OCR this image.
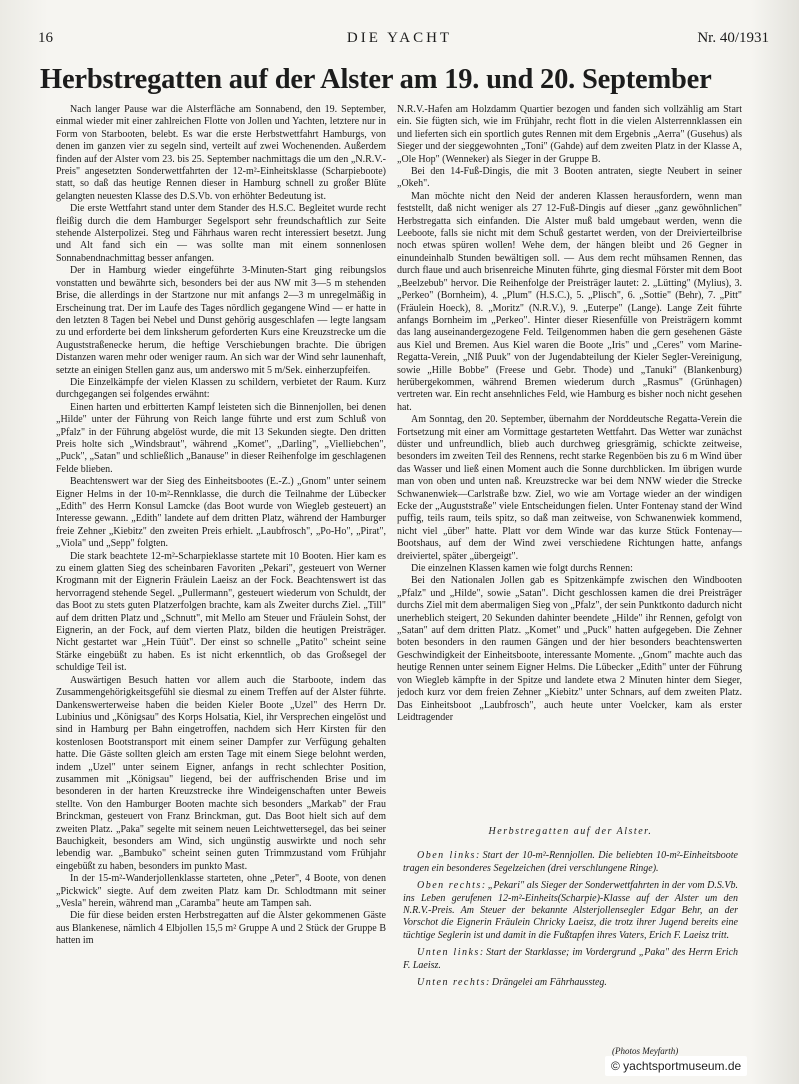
DIE YACHT
16	Nr. 40/1931
Herbstregatten auf der Alster am 19. und 20. September

Nach langer Pause war die Alsterfläche am Sonnabend, den 19. September, einmal wieder mit einer zahlreichen Flotte von Jollen und Yachten, letztere nur in Form von Starbooten, belebt. Es war die erste Herbstwettfahrt Hamburgs, von denen im ganzen vier zu segeln sind, verteilt auf zwei Wochenenden. Außerdem finden auf der Alster vom 23. bis 25. September nachmittags die um den „N.R.V.-Preis" angesetzten Sonderwettfahrten der 12-m²-Einheitsklasse (Scharpieboote) statt, so daß das heutige Rennen dieser in Hamburg schnell zu großer Blüte gelangten neuesten Klasse des D.S.Vb. von erhöhter Bedeutung ist.

Die erste Wettfahrt stand unter dem Stander des H.S.C. Begleitet wurde recht fleißig durch die dem Hamburger Segelsport sehr freundschaftlich zur Seite stehende Alsterpolizei. Steg und Fährhaus waren recht interessiert besetzt. Jung und Alt fand sich ein — was sollte man mit einem sonnenlosen Sonnabendnachmittag besser anfangen.

Der in Hamburg wieder eingeführte 3-Minuten-Start ging reibungslos vonstatten und bewährte sich, besonders bei der aus NW mit 3—5 m stehenden Brise, die allerdings in der Startzone nur mit anfangs 2—3 m unregelmäßig in Erscheinung trat. Der im Laufe des Tages nördlich gegangene Wind — er hatte in den letzten 8 Tagen bei Nebel und Dunst gehörig ausgeschlafen — legte langsam zu und erforderte bei dem linksherum geforderten Kurs eine Kreuzstrecke um die Auguststraßenecke herum, die heftige Verschiebungen brachte. Die übrigen Distanzen waren mehr oder weniger raum. An sich war der Wind sehr launenhaft, setzte an einigen Stellen ganz aus, um anderswo mit 5 m/Sek. einherzupfeifen.

Die Einzelkämpfe der vielen Klassen zu schildern, verbietet der Raum. Kurz durchgegangen sei folgendes erwähnt:

Einen harten und erbitterten Kampf leisteten sich die Binnenjollen, bei denen „Hilde" unter der Führung von Reich lange führte und erst zum Schluß von „Pfalz" in der Führung abgelöst wurde, die mit 13 Sekunden siegte. Den dritten Preis holte sich „Windsbraut", während „Komet", „Darling", „Vielliebchen", „Puck", „Satan" und schließlich „Banause" in dieser Reihenfolge im geschlagenen Felde blieben.

Beachtenswert war der Sieg des Einheitsbootes (E.-Z.) „Gnom" unter seinem Eigner Helms in der 10-m²-Rennklasse, die durch die Teilnahme der Lübecker „Edith" des Herrn Konsul Lamcke (das Boot wurde von Wiegleb gesteuert) an Interesse gewann. „Edith" landete auf dem dritten Platz, während der Hamburger freie Zehner „Kiebitz" den zweiten Preis erhielt. „Laubfrosch", „Po-Ho", „Pirat", „Viola" und „Sepp" folgten.

Die stark beachtete 12-m²-Scharpieklasse startete mit 10 Booten. Hier kam es zu einem glatten Sieg des scheinbaren Favoriten „Pekari", gesteuert von Werner Krogmann mit der Eignerin Fräulein Laeisz an der Fock. Beachtenswert ist das hervorragend stehende Segel. „Pullermann", gesteuert wiederum von Schuldt, der das Boot zu stets guten Platzerfolgen brachte, kam als Zweiter durchs Ziel. „Till" auf dem dritten Platz und „Schnutt", mit Mello am Steuer und Fräulein Sohst, der Eignerin, an der Fock, auf dem vierten Platz, bilden die heutigen Preisträger. Nicht gestartet war „Hein Tüüt". Der einst so schnelle „Patito" scheint seine Stärke eingebüßt zu haben. Es ist nicht erkenntlich, ob das Großsegel der schuldige Teil ist.

Auswärtigen Besuch hatten vor allem auch die Starboote, indem das Zusammengehörigkeitsgefühl sie diesmal zu einem Treffen auf der Alster führte. Dankenswerterweise haben die beiden Kieler Boote „Uzel" des Herrn Dr. Lubinius und „Königsau" des Korps Holsatia, Kiel, ihr Versprechen eingelöst und sind in Hamburg per Bahn eingetroffen, nachdem sich Herr Kirsten für den kostenlosen Bootstransport mit einem seiner Dampfer zur Verfügung gehalten hatte. Die Gäste sollten gleich am ersten Tage mit einem Siege belohnt werden, indem „Uzel" unter seinem Eigner, anfangs in recht schlechter Position, zusammen mit „Königsau" liegend, bei der auffrischenden Brise und im besonderen in der harten Kreuzstrecke ihre Windeigenschaften unter Beweis stellte. Von den Hamburger Booten machte sich besonders „Markab" der Frau Brinckman, gesteuert von Franz Brinckman, gut. Das Boot hielt sich auf dem zweiten Platz. „Paka" segelte mit seinem neuen Leichtwettersegel, das bei seiner Bauchigkeit, besonders am Wind, sich ungünstig auswirkte und noch sehr lebendig war. „Bambuko" scheint seinen guten Trimmzustand vom Frühjahr eingebüßt zu haben, besonders im punkto Mast.

In der 15-m²-Wanderjollenklasse starteten, ohne „Peter", 4 Boote, von denen „Pickwick" siegte. Auf dem zweiten Platz kam Dr. Schlodtmann mit seiner „Vesla" herein, während man „Caramba" heute am Tampen sah.

Die für diese beiden ersten Herbstregatten auf die Alster gekommenen Gäste aus Blankenese, nämlich 4 Elbjollen 15,5 m² Gruppe A und 2 Stück der Gruppe B hatten im

N.R.V.-Hafen am Holzdamm Quartier bezogen und fanden sich vollzählig am Start ein. Sie fügten sich, wie im Frühjahr, recht flott in die vielen Alsterrennklassen ein und lieferten sich ein sportlich gutes Rennen mit dem Ergebnis „Aerra" (Gusehus) als Sieger und der sieggewohnten „Toni" (Gahde) auf dem zweiten Platz in der Klasse A, „Ole Hop" (Wenneker) als Sieger in der Gruppe B.

Bei den 14-Fuß-Dingis, die mit 3 Booten antraten, siegte Neubert in seiner „Okeh".

Man möchte nicht den Neid der anderen Klassen herausfordern, wenn man feststellt, daß nicht weniger als 27 12-Fuß-Dingis auf dieser „ganz gewöhnlichen" Herbstregatta sich einfanden. Die Alster muß bald umgebaut werden, wenn die Leeboote, falls sie nicht mit dem Schuß gestartet werden, von der Dreivierteilbrise noch etwas spüren wollen! Wehe dem, der hängen bleibt und 26 Gegner in einundeinhalb Stunden bewältigen soll. — Aus dem recht mühsamen Rennen, das durch flaue und auch brisenreiche Minuten führte, ging diesmal Förster mit dem Boot „Beelzebub" hervor. Die Reihenfolge der Preisträger lautet: 2. „Lütting" (Mylius), 3. „Perkeo" (Bornheim), 4. „Plum" (H.S.C.), 5. „Plisch", 6. „Sottie" (Behr), 7. „Pitt" (Fräulein Hoeck), 8. „Moritz" (N.R.V.), 9. „Euterpe" (Lange). Lange Zeit führte anfangs Bornheim im „Perkeo". Hinter dieser Riesenfülle von Preisträgern kommt das lang auseinandergezogene Feld. Teilgenommen haben die gern gesehenen Gäste aus Kiel und Bremen. Aus Kiel waren die Boote „Iris" und „Ceres" vom Marine-Regatta-Verein, „NIß Puuk" von der Jugendabteilung der Kieler Segler-Vereinigung, sowie „Hille Bobbe" (Freese und Gebr. Thode) und „Tanuki" (Blankenburg) herübergekommen, während Bremen wiederum durch „Rasmus" (Grünhagen) vertreten war. Ein recht ansehnliches Feld, wie Hamburg es bisher noch nicht gesehen hat.

Am Sonntag, den 20. September, übernahm der Norddeutsche Regatta-Verein die Fortsetzung mit einer am Vormittage gestarteten Wettfahrt. Das Wetter war zunächst düster und unfreundlich, blieb auch durchweg griesgrämig, schickte zeitweise, besonders im zweiten Teil des Rennens, recht starke Regenböen bis zu 6 m Wind über das Wasser und ließ einen Moment auch die Sonne durchblicken. Im übrigen wurde man von oben und unten naß. Kreuzstrecke war bei dem NNW wieder die Strecke Schwanenwiek—Carlstraße bzw. Ziel, wo wie am Vortage wieder an der windigen Ecke der „Auguststraße" viele Entscheidungen fielen. Unter Fontenay stand der Wind puffig, teils raum, teils spitz, so daß man zeitweise, von Schwanenwiek kommend, nicht viel „über" hatte. Platt vor dem Winde war das kurze Stück Fontenay—Bootshaus, auf dem der Wind zwei verschiedene Richtungen hatte, anfangs dreiviertel, später „übergeigt".

Die einzelnen Klassen kamen wie folgt durchs Rennen:

Bei den Nationalen Jollen gab es Spitzenkämpfe zwischen den Windbooten „Pfalz" und „Hilde", sowie „Satan". Dicht geschlossen kamen die drei Preisträger durchs Ziel mit dem abermaligen Sieg von „Pfalz", der sein Punktkonto dadurch nicht unerheblich steigert, 20 Sekunden dahinter beendete „Hilde" ihr Rennen, gefolgt von „Satan" auf dem dritten Platz. „Komet" und „Puck" hatten aufgegeben. Die Zehner boten besonders in den raumen Gängen und der hier besonders beachtenswerten Geschwindigkeit der Einheitsboote, interessante Momente. „Gnom" machte auch das heutige Rennen unter seinem Eigner Helms. Die Lübecker „Edith" unter der Führung von Wiegleb kämpfte in der Spitze und landete etwa 2 Minuten hinter dem Sieger, jedoch kurz vor dem freien Zehner „Kiebitz" unter Schnars, auf dem zweiten Platz. Das Einheitsboot „Laubfrosch", auch heute unter Voelcker, kam als erster Leidtragender

Herbstregatten auf der Alster.

Oben links: Start der 10-m²-Rennjollen. Die beliebten 10-m²-Einheitsboote tragen ein besonderes Segelzeichen (drei verschlungene Ringe).

Oben rechts: „Pekari" als Sieger der Sonderwettfahrten in der vom D.S.Vb. ins Leben gerufenen 12-m²-Einheits(Scharpie)-Klasse auf der Alster um den N.R.V.-Preis. Am Steuer der bekannte Alsterjollensegler Edgar Behr, an der Vorschot die Eignerin Fräulein Chricky Laeisz, die trotz ihrer Jugend bereits eine tüchtige Seglerin ist und damit in die Fußtapfen ihres Vaters, Erich F. Laeisz tritt.

Unten links: Start der Starklasse; im Vordergrund „Paka" des Herrn Erich F. Laeisz.

Unten rechts: Drängelei am Fährhaussteg.

(Photos Meyfarth)
© yachtsportmuseum.de
